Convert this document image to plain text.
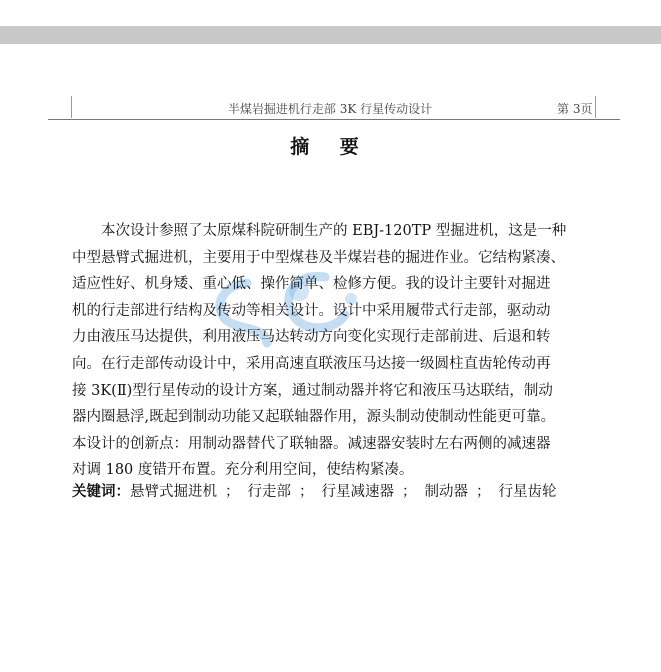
半煤岩掘进机行走部 3K 行星传动设计	第 3页
摘 要
本次设计参照了太原煤科院研制生产的 EBJ-120TP 型掘进机，这是一种
中型悬臂式掘进机，主要用于中型煤巷及半煤岩巷的掘进作业。它结构紧凑、
适应性好、机身矮、重心低、操作简单、检修方便。我的设计主要针对掘进
机的行走部进行结构及传动等相关设计。设计中采用履带式行走部，驱动动
力由液压马达提供，利用液压马达转动方向变化实现行走部前进、后退和转
向。在行走部传动设计中，采用高速直联液压马达接一级圆柱直齿轮传动再
接 3K(Ⅱ)型行星传动的设计方案，通过制动器并将它和液压马达联结，制动
器内圈悬浮,既起到制动功能又起联轴器作用，源头制动使制动性能更可靠。
本设计的创新点：用制动器替代了联轴器。减速器安装时左右两侧的减速器
对调 180 度错开布置。充分利用空间，使结构紧凑。
关键词：悬臂式掘进机 ； 行走部 ； 行星减速器 ； 制动器 ； 行星齿轮
